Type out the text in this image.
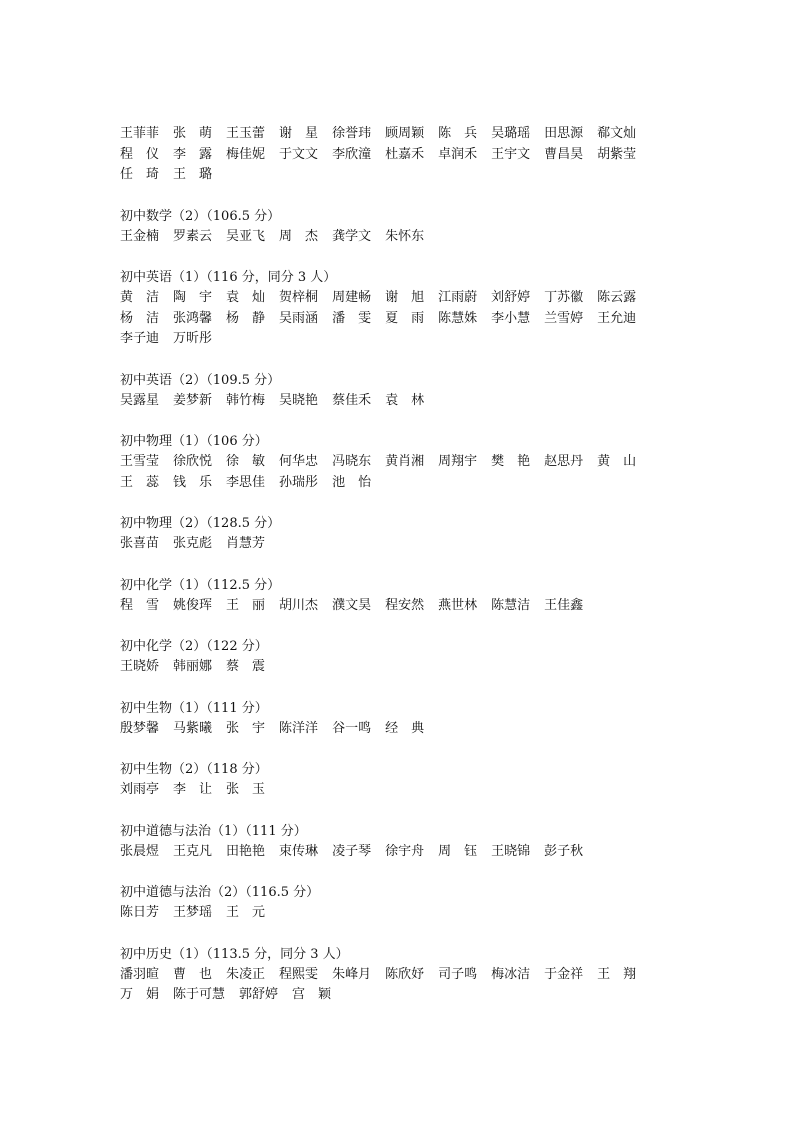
王菲菲 张　萌 王玉蕾 谢　星 徐誉玮 顾周颖 陈　兵 吴璐瑶 田思源 郗文灿
程　仪 李　露 梅佳妮 于文文 李欣潼 杜嘉禾 卓润禾 王宇文 曹昌昊 胡紫莹
任　琦 王　璐
初中数学（2）（106.5 分）
王金楠 罗素云 吴亚飞 周　杰 龚学文 朱怀东
初中英语（1）（116 分，同分 3 人）
黄　洁 陶　宇 袁　灿 贺梓桐 周建畅 谢　旭 江雨蔚 刘舒婷 丁苏徽 陈云露
杨　洁 张鸿馨 杨　静 吴雨涵 潘　雯 夏　雨 陈慧姝 李小慧 兰雪婷 王允迪
李子迪 万昕彤
初中英语（2）（109.5 分）
吴露星 姜梦新 韩竹梅 吴晓艳 蔡佳禾 袁　林
初中物理（1）（106 分）
王雪莹 徐欣悦 徐　敏 何华忠 冯晓东 黄肖湘 周翔宇 樊　艳 赵思丹 黄　山
王　蕊 钱　乐 李思佳 孙瑞彤 池　怡
初中物理（2）（128.5 分）
张喜苗 张克彪 肖慧芳
初中化学（1）（112.5 分）
程　雪 姚俊珲 王　丽 胡川杰 濮文昊 程安然 燕世林 陈慧洁 王佳鑫
初中化学（2）（122 分）
王晓娇 韩丽娜 蔡　震
初中生物（1）（111 分）
殷梦馨 马紫曦 张　宇 陈洋洋 谷一鸣 经　典
初中生物（2）（118 分）
刘雨亭 李　让 张　玉
初中道德与法治（1）（111 分）
张晨煜 王克凡 田艳艳 束传琳 凌子琴 徐宇舟 周　钰 王晓锦 彭子秋
初中道德与法治（2）（116.5 分）
陈日芳 王梦瑶 王　元
初中历史（1）（113.5 分，同分 3 人）
潘羽暄 曹　也 朱凌正 程熙雯 朱峰月 陈欣妤 司子鸣 梅冰洁 于金祥 王　翔
万　娟 陈于可慧 郭舒婷 宫　颖
